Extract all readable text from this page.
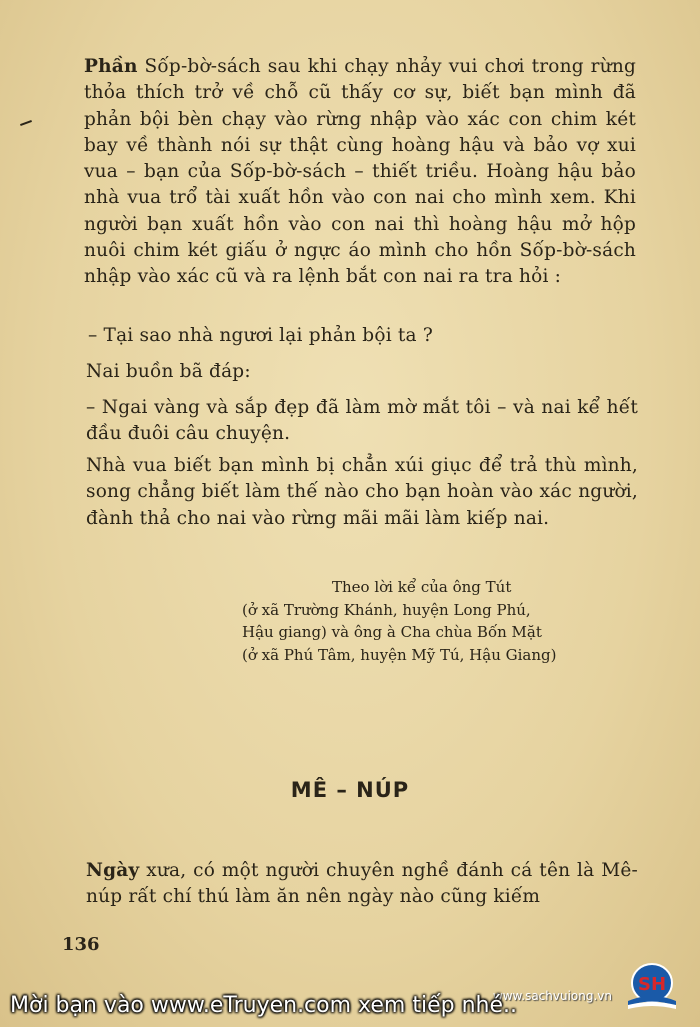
Phần Sốp-bờ-sách sau khi chạy nhảy vui chơi trong rừng thỏa thích trở về chỗ cũ thấy cơ sự, biết bạn mình đã phản bội bèn chạy vào rừng nhập vào xác con chim két bay về thành nói sự thật cùng hoàng hậu và bảo vợ xui vua – bạn của Sốp-bờ-sách – thiết triều. Hoàng hậu bảo nhà vua trổ tài xuất hồn vào con nai cho mình xem. Khi người bạn xuất hồn vào con nai thì hoàng hậu mở hộp nuôi chim két giấu ở ngực áo mình cho hồn Sốp-bờ-sách nhập vào xác cũ và ra lệnh bắt con nai ra tra hỏi :

– Tại sao nhà ngươi lại phản bội ta ?

Nai buồn bã đáp:

– Ngai vàng và sắp đẹp đã làm mờ mắt tôi – và nai kể hết đầu đuôi câu chuyện.

Nhà vua biết bạn mình bị chẳn xúi giục để trả thù mình, song chẳng biết làm thế nào cho bạn hoàn vào xác người, đành thả cho nai vào rừng mãi mãi làm kiếp nai.

Theo lời kể của ông Tút
(ở xã Trường Khánh, huyện Long Phú,
Hậu giang) và ông à Cha chùa Bốn Mặt
(ở xã Phú Tâm, huyện Mỹ Tú, Hậu Giang)
MÊ – NÚP

Ngày xưa, có một người chuyên nghề đánh cá tên là Mê-núp rất chí thú làm ăn nên ngày nào cũng kiếm

136

SH
www.sachvuiong.vn
Mời bạn vào www.eTruyen.com xem tiếp nhé..
